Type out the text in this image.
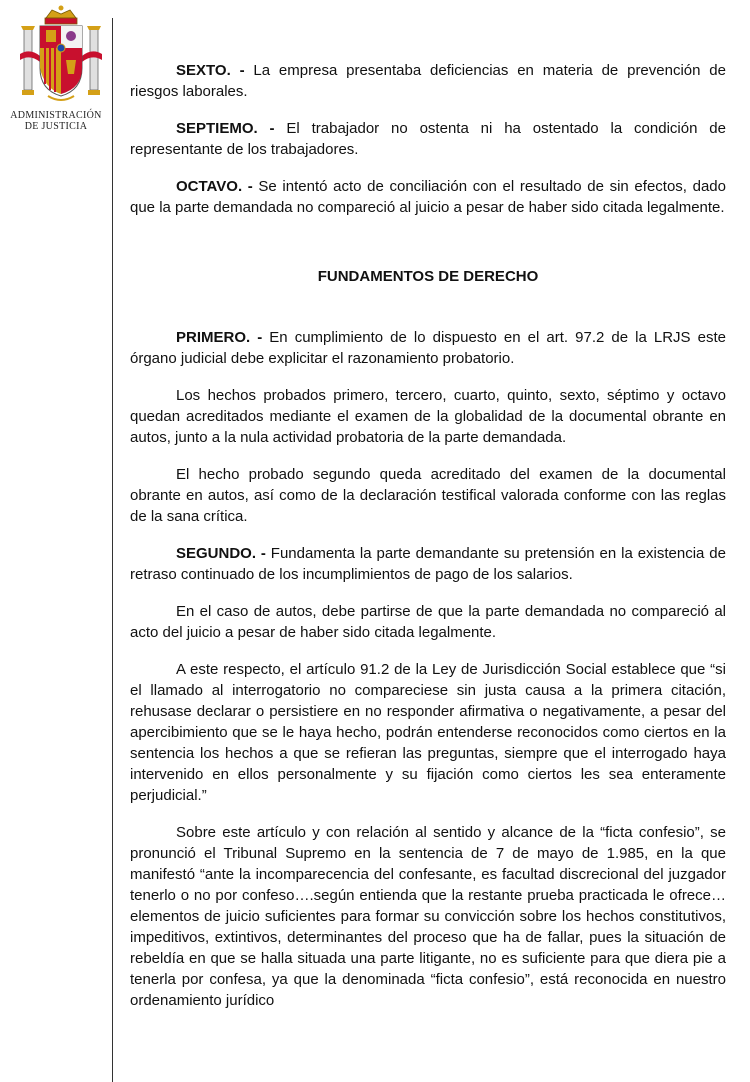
ADMINISTRACIÓN
DE JUSTICIA

SEXTO. - La empresa presentaba deficiencias en materia de prevención de riesgos laborales.

SEPTIEMO. - El trabajador no ostenta ni ha ostentado la condición de representante de los trabajadores.

OCTAVO. - Se intentó acto de conciliación con el resultado de sin efectos, dado que la parte demandada no compareció al juicio a pesar de haber sido citada legalmente.

FUNDAMENTOS DE DERECHO

PRIMERO. - En cumplimiento de lo dispuesto en el art. 97.2 de la LRJS este órgano judicial debe explicitar el razonamiento probatorio.

Los hechos probados primero, tercero, cuarto, quinto, sexto, séptimo y octavo quedan acreditados mediante el examen de la globalidad de la documental obrante en autos, junto a la nula actividad probatoria de la parte demandada.

El hecho probado segundo queda acreditado del examen de la documental obrante en autos, así como de la declaración testifical valorada conforme con las reglas de la sana crítica.

SEGUNDO. - Fundamenta la parte demandante su pretensión en la existencia de retraso continuado de los incumplimientos de pago de los salarios.

En el caso de autos, debe partirse de que la parte demandada no compareció al acto del juicio a pesar de haber sido citada legalmente.

A este respecto, el artículo 91.2 de la Ley de Jurisdicción Social establece que “si el llamado al interrogatorio no compareciese sin justa causa a la primera citación, rehusase declarar o persistiere en no responder afirmativa o negativamente, a pesar del apercibimiento que se le haya hecho, podrán entenderse reconocidos como ciertos en la sentencia los hechos a que se refieran las preguntas, siempre que el interrogado haya intervenido en ellos personalmente y su fijación como ciertos les sea enteramente perjudicial.”

Sobre este artículo y con relación al sentido y alcance de la “ficta confesio”, se pronunció el Tribunal Supremo en la sentencia de 7 de mayo de 1.985, en la que manifestó “ante la incomparecencia del confesante, es facultad discrecional del juzgador tenerlo o no por confeso….según entienda que la restante prueba practicada le ofrece…elementos de juicio suficientes para formar su convicción sobre los hechos constitutivos, impeditivos, extintivos, determinantes del proceso que ha de fallar, pues la situación de rebeldía en que se halla situada una parte litigante, no es suficiente para que diera pie a tenerla por confesa, ya que la denominada “ficta confesio”, está reconocida en nuestro ordenamiento jurídico
